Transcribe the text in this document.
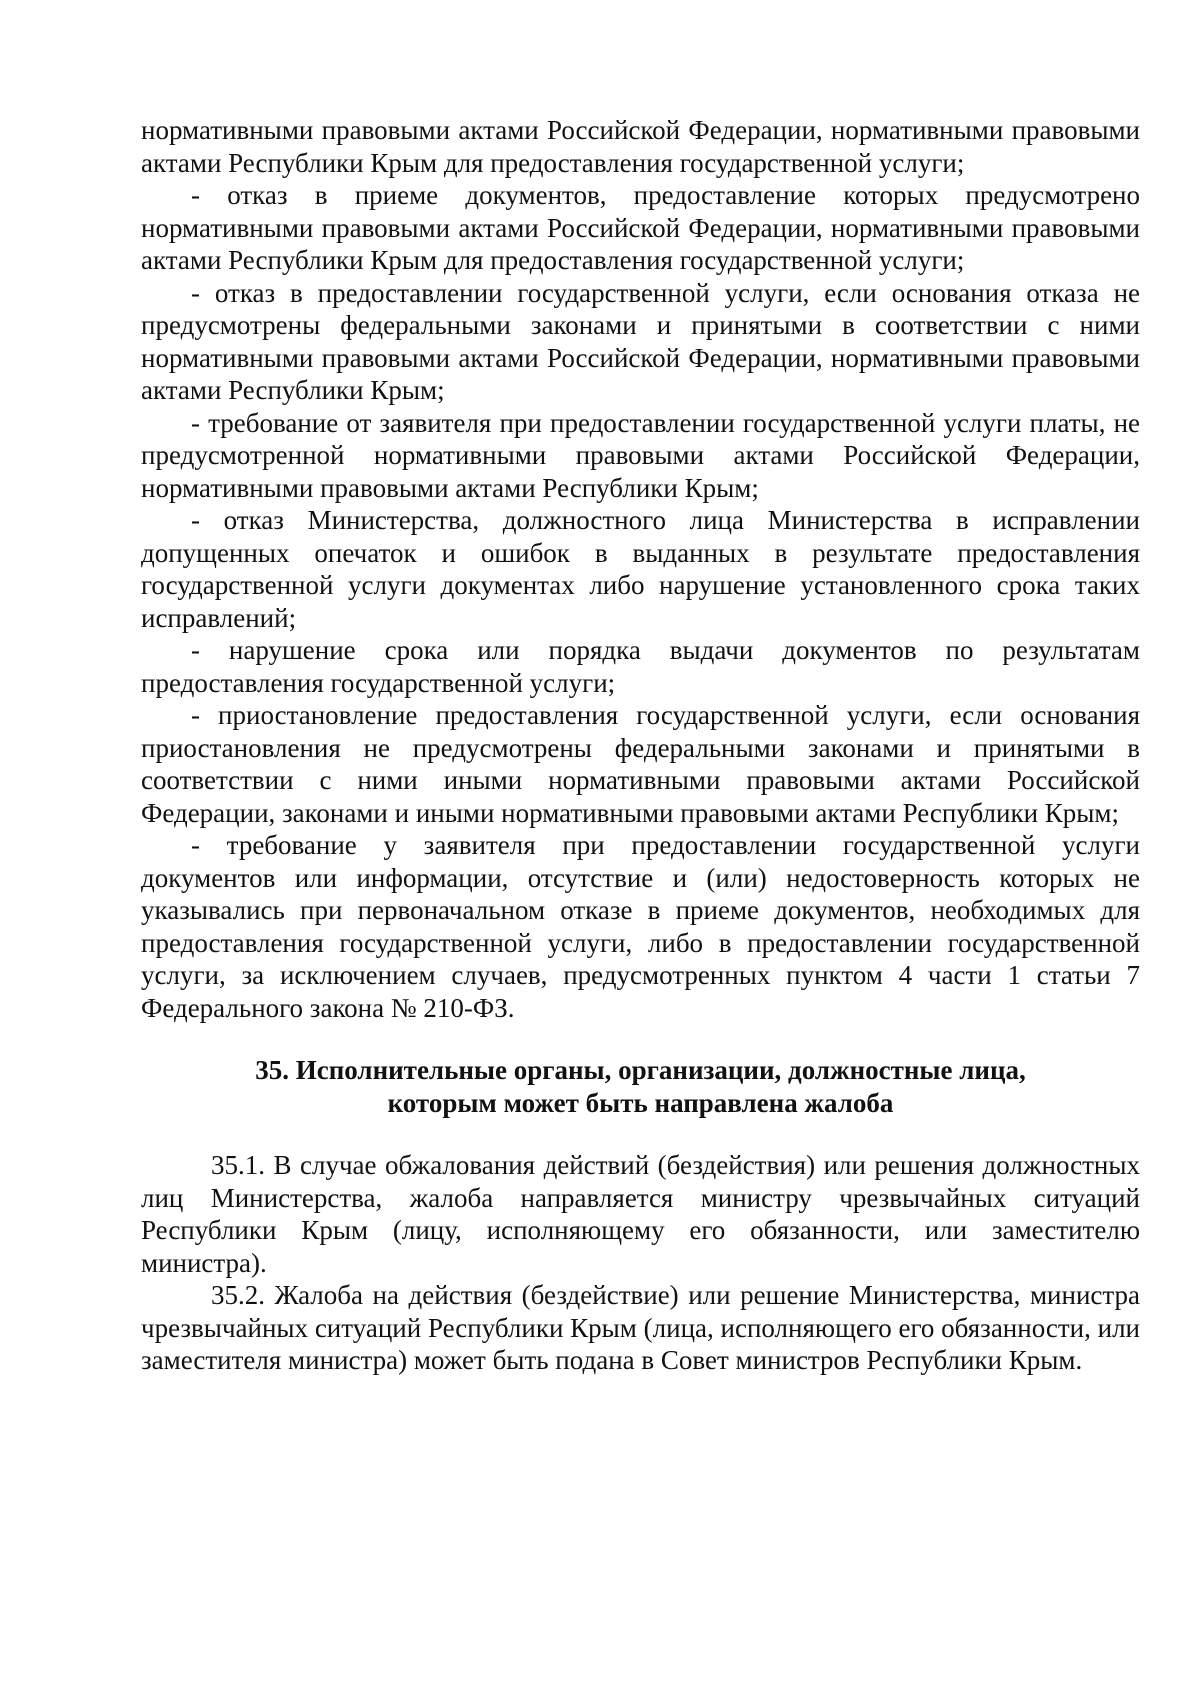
нормативными правовыми актами Российской Федерации, нормативными правовыми актами Республики Крым для предоставления государственной услуги;

- отказ в приеме документов, предоставление которых предусмотрено нормативными правовыми актами Российской Федерации, нормативными правовыми актами Республики Крым для предоставления государственной услуги;

- отказ в предоставлении государственной услуги, если основания отказа не предусмотрены федеральными законами и принятыми в соответствии с ними нормативными правовыми актами Российской Федерации, нормативными правовыми актами Республики Крым;

- требование от заявителя при предоставлении государственной услуги платы, не предусмотренной нормативными правовыми актами Российской Федерации, нормативными правовыми актами Республики Крым;

- отказ Министерства, должностного лица Министерства в исправлении допущенных опечаток и ошибок в выданных в результате предоставления государственной услуги документах либо нарушение установленного срока таких исправлений;

- нарушение срока или порядка выдачи документов по результатам предоставления государственной услуги;

- приостановление предоставления государственной услуги, если основания приостановления не предусмотрены федеральными законами и принятыми в соответствии с ними иными нормативными правовыми актами Российской Федерации, законами и иными нормативными правовыми актами Республики Крым;

- требование у заявителя при предоставлении государственной услуги документов или информации, отсутствие и (или) недостоверность которых не указывались при первоначальном отказе в приеме документов, необходимых для предоставления государственной услуги, либо в предоставлении государственной услуги, за исключением случаев, предусмотренных пунктом 4 части 1 статьи 7 Федерального закона № 210-ФЗ.

35. Исполнительные органы, организации, должностные лица,
которым может быть направлена жалоба

35.1. В случае обжалования действий (бездействия) или решения должностных лиц Министерства, жалоба направляется министру чрезвычайных ситуаций Республики Крым (лицу, исполняющему его обязанности, или заместителю министра).

35.2. Жалоба на действия (бездействие) или решение Министерства, министра чрезвычайных ситуаций Республики Крым (лица, исполняющего его обязанности, или заместителя министра) может быть подана в Совет министров Республики Крым.
